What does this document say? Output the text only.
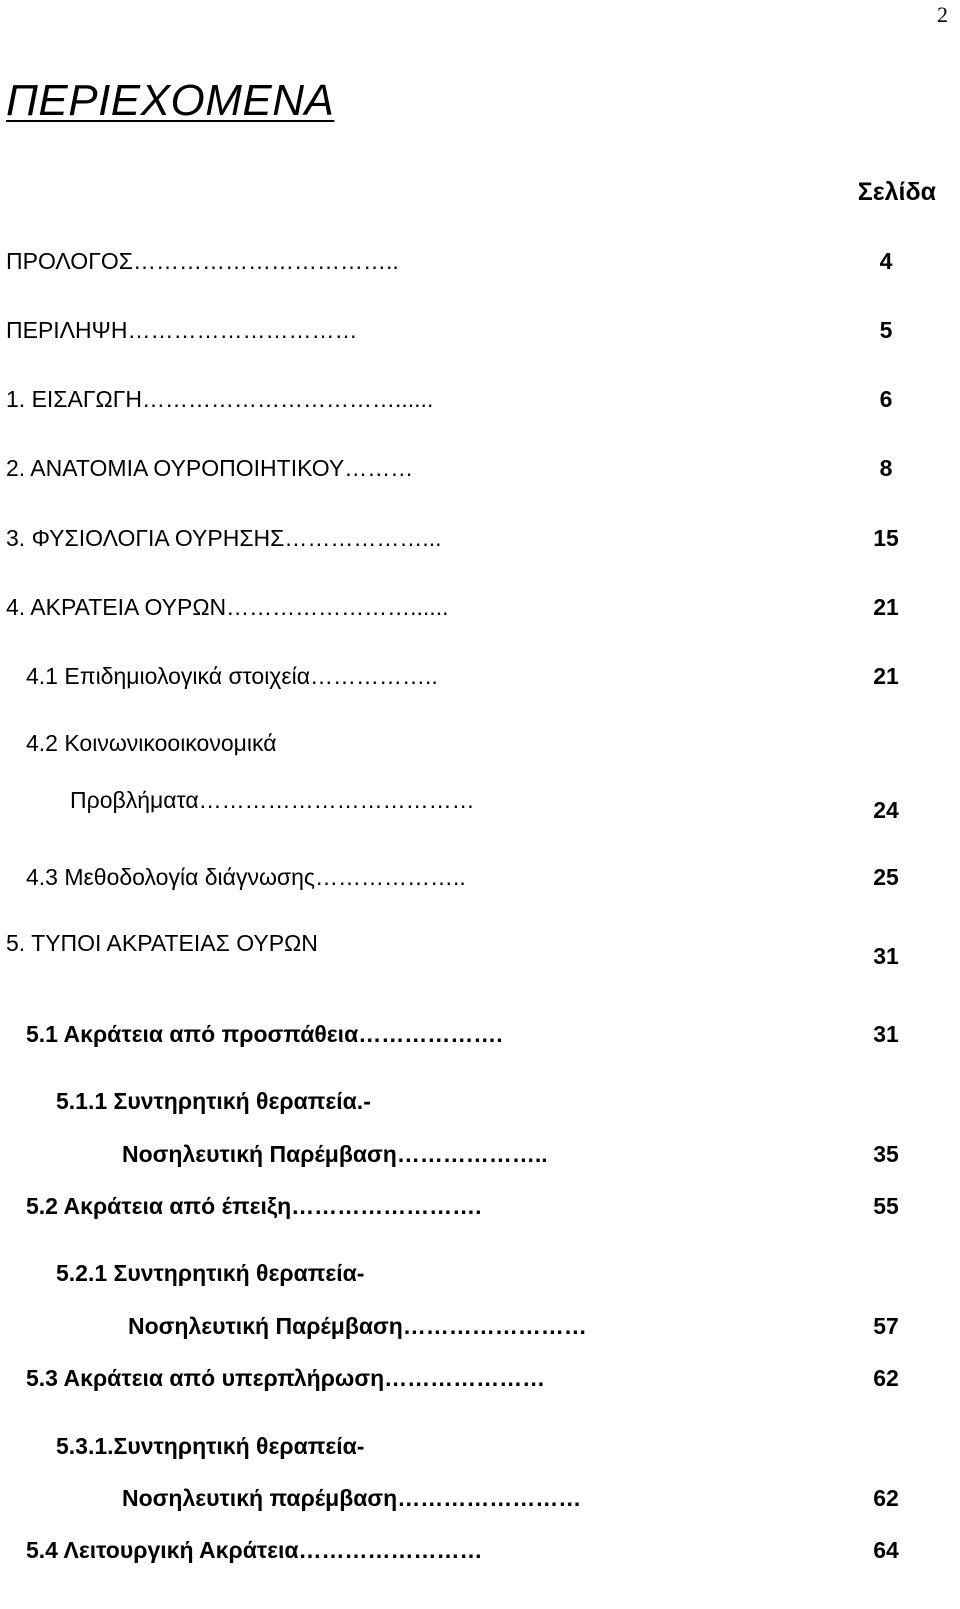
2
ΠΕΡΙΕΧΟΜΕΝΑ
Σελίδα
ΠΡΟΛΟΓΟΣ……………………………..	4
ΠΕΡΙΛΗΨΗ…………………………	5
1. ΕΙΣΑΓΩΓΗ……………………………......	6
2. ΑΝΑΤΟΜΙΑ ΟΥΡΟΠΟΙΗΤΙΚΟΥ………	8
3. ΦΥΣΙΟΛΟΓΙΑ ΟΥΡΗΣΗΣ………………...	15
4. ΑΚΡΑΤΕΙΑ ΟΥΡΩΝ……………………......	21
4.1 Επιδημιολογικά στοιχεία……………..	21
4.2 Κοινωνικοοικονομικά
Προβλήματα………………………………	24
4.3 Μεθοδολογία διάγνωσης………………..	25
5. ΤΥΠΟΙ ΑΚΡΑΤΕΙΑΣ ΟΥΡΩΝ	31
5.1 Ακράτεια από προσπάθεια……………….	31
5.1.1 Συντηρητική θεραπεία.-
Νοσηλευτική Παρέμβαση………………..	35
5.2 Ακράτεια από έπειξη…………………….	55
5.2.1 Συντηρητική θεραπεία-
Νοσηλευτική Παρέμβαση……………………	57
5.3 Ακράτεια από υπερπλήρωση…………………	62
5.3.1.Συντηρητική θεραπεία-
Νοσηλευτική παρέμβαση……………………	62
5.4 Λειτουργική Ακράτεια……………………	64
